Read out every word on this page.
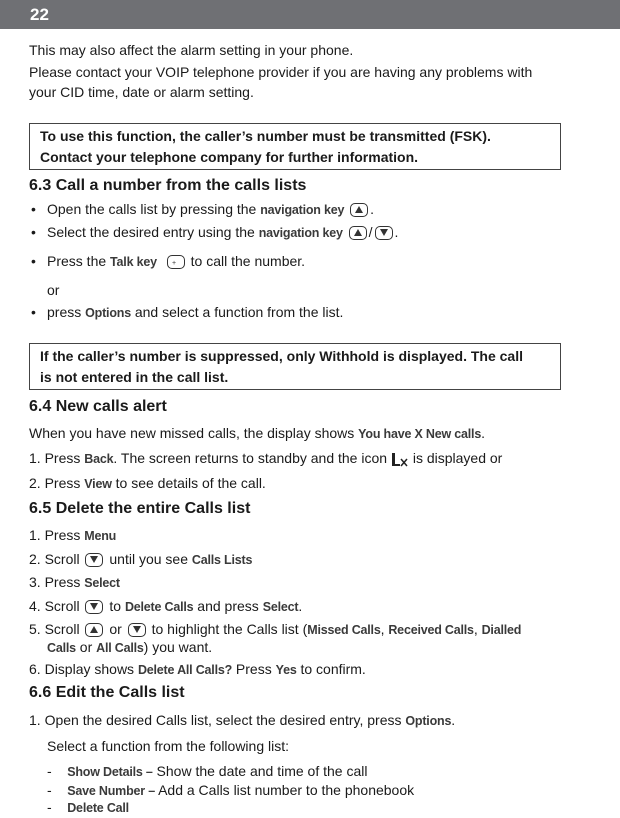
22
This may also affect the alarm setting in your phone.
Please contact your VOIP telephone provider if you are having any problems with
your CID time, date or alarm setting.
To use this function, the caller’s number must be transmitted (FSK).
Contact your telephone company for further information.
6.3 Call a number from the calls lists
• Open the calls list by pressing the navigation key .
• Select the desired entry using the navigation key / .
• Press the Talk key + to call the number.
or
• press Options and select a function from the list.
If the caller’s number is suppressed, only Withhold is displayed. The call
is not entered in the call list.
6.4 New calls alert
When you have new missed calls, the display shows You have X New calls.
1. Press Back. The screen returns to standby and the icon is displayed or
2. Press View to see details of the call.
6.5 Delete the entire Calls list
1. Press Menu
2. Scroll
until you see Calls Lists
3. Press Select
4. Scroll
to Delete Calls and press Select.
5. Scroll
or
to highlight the Calls list (Missed Calls, Received Calls, Dialled
Calls or All Calls) you want.
6. Display shows Delete All Calls? Press Yes to confirm.
6.6 Edit the Calls list
1. Open the desired Calls list, select the desired entry, press Options.
Select a function from the following list:
-    Show Details – Show the date and time of the call
-    Save Number – Add a Calls list number to the phonebook
-    Delete Call
